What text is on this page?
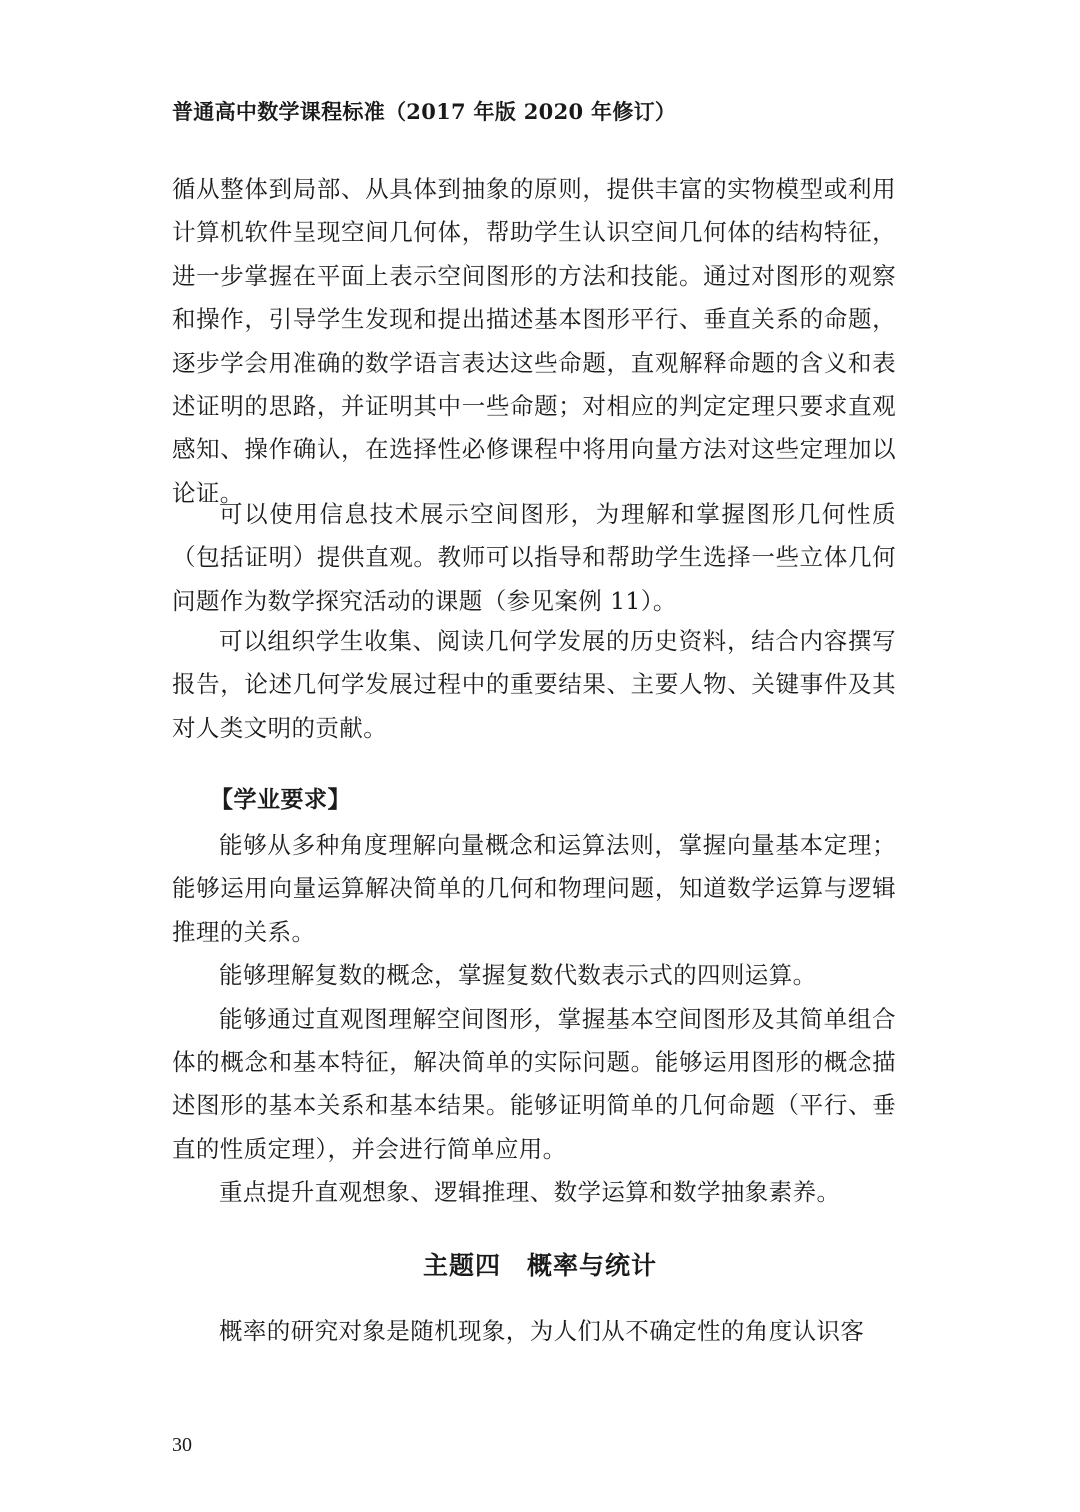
普通高中数学课程标准（2017 年版 2020 年修订）

循从整体到局部、从具体到抽象的原则，提供丰富的实物模型或利用计算机软件呈现空间几何体，帮助学生认识空间几何体的结构特征，进一步掌握在平面上表示空间图形的方法和技能。通过对图形的观察和操作，引导学生发现和提出描述基本图形平行、垂直关系的命题，逐步学会用准确的数学语言表达这些命题，直观解释命题的含义和表述证明的思路，并证明其中一些命题；对相应的判定定理只要求直观感知、操作确认，在选择性必修课程中将用向量方法对这些定理加以论证。

可以使用信息技术展示空间图形，为理解和掌握图形几何性质（包括证明）提供直观。教师可以指导和帮助学生选择一些立体几何问题作为数学探究活动的课题（参见案例 11）。

可以组织学生收集、阅读几何学发展的历史资料，结合内容撰写报告，论述几何学发展过程中的重要结果、主要人物、关键事件及其对人类文明的贡献。

【学业要求】

能够从多种角度理解向量概念和运算法则，掌握向量基本定理；能够运用向量运算解决简单的几何和物理问题，知道数学运算与逻辑推理的关系。

能够理解复数的概念，掌握复数代数表示式的四则运算。

能够通过直观图理解空间图形，掌握基本空间图形及其简单组合体的概念和基本特征，解决简单的实际问题。能够运用图形的概念描述图形的基本关系和基本结果。能够证明简单的几何命题（平行、垂直的性质定理），并会进行简单应用。

重点提升直观想象、逻辑推理、数学运算和数学抽象素养。

主题四　概率与统计

概率的研究对象是随机现象，为人们从不确定性的角度认识客

30
